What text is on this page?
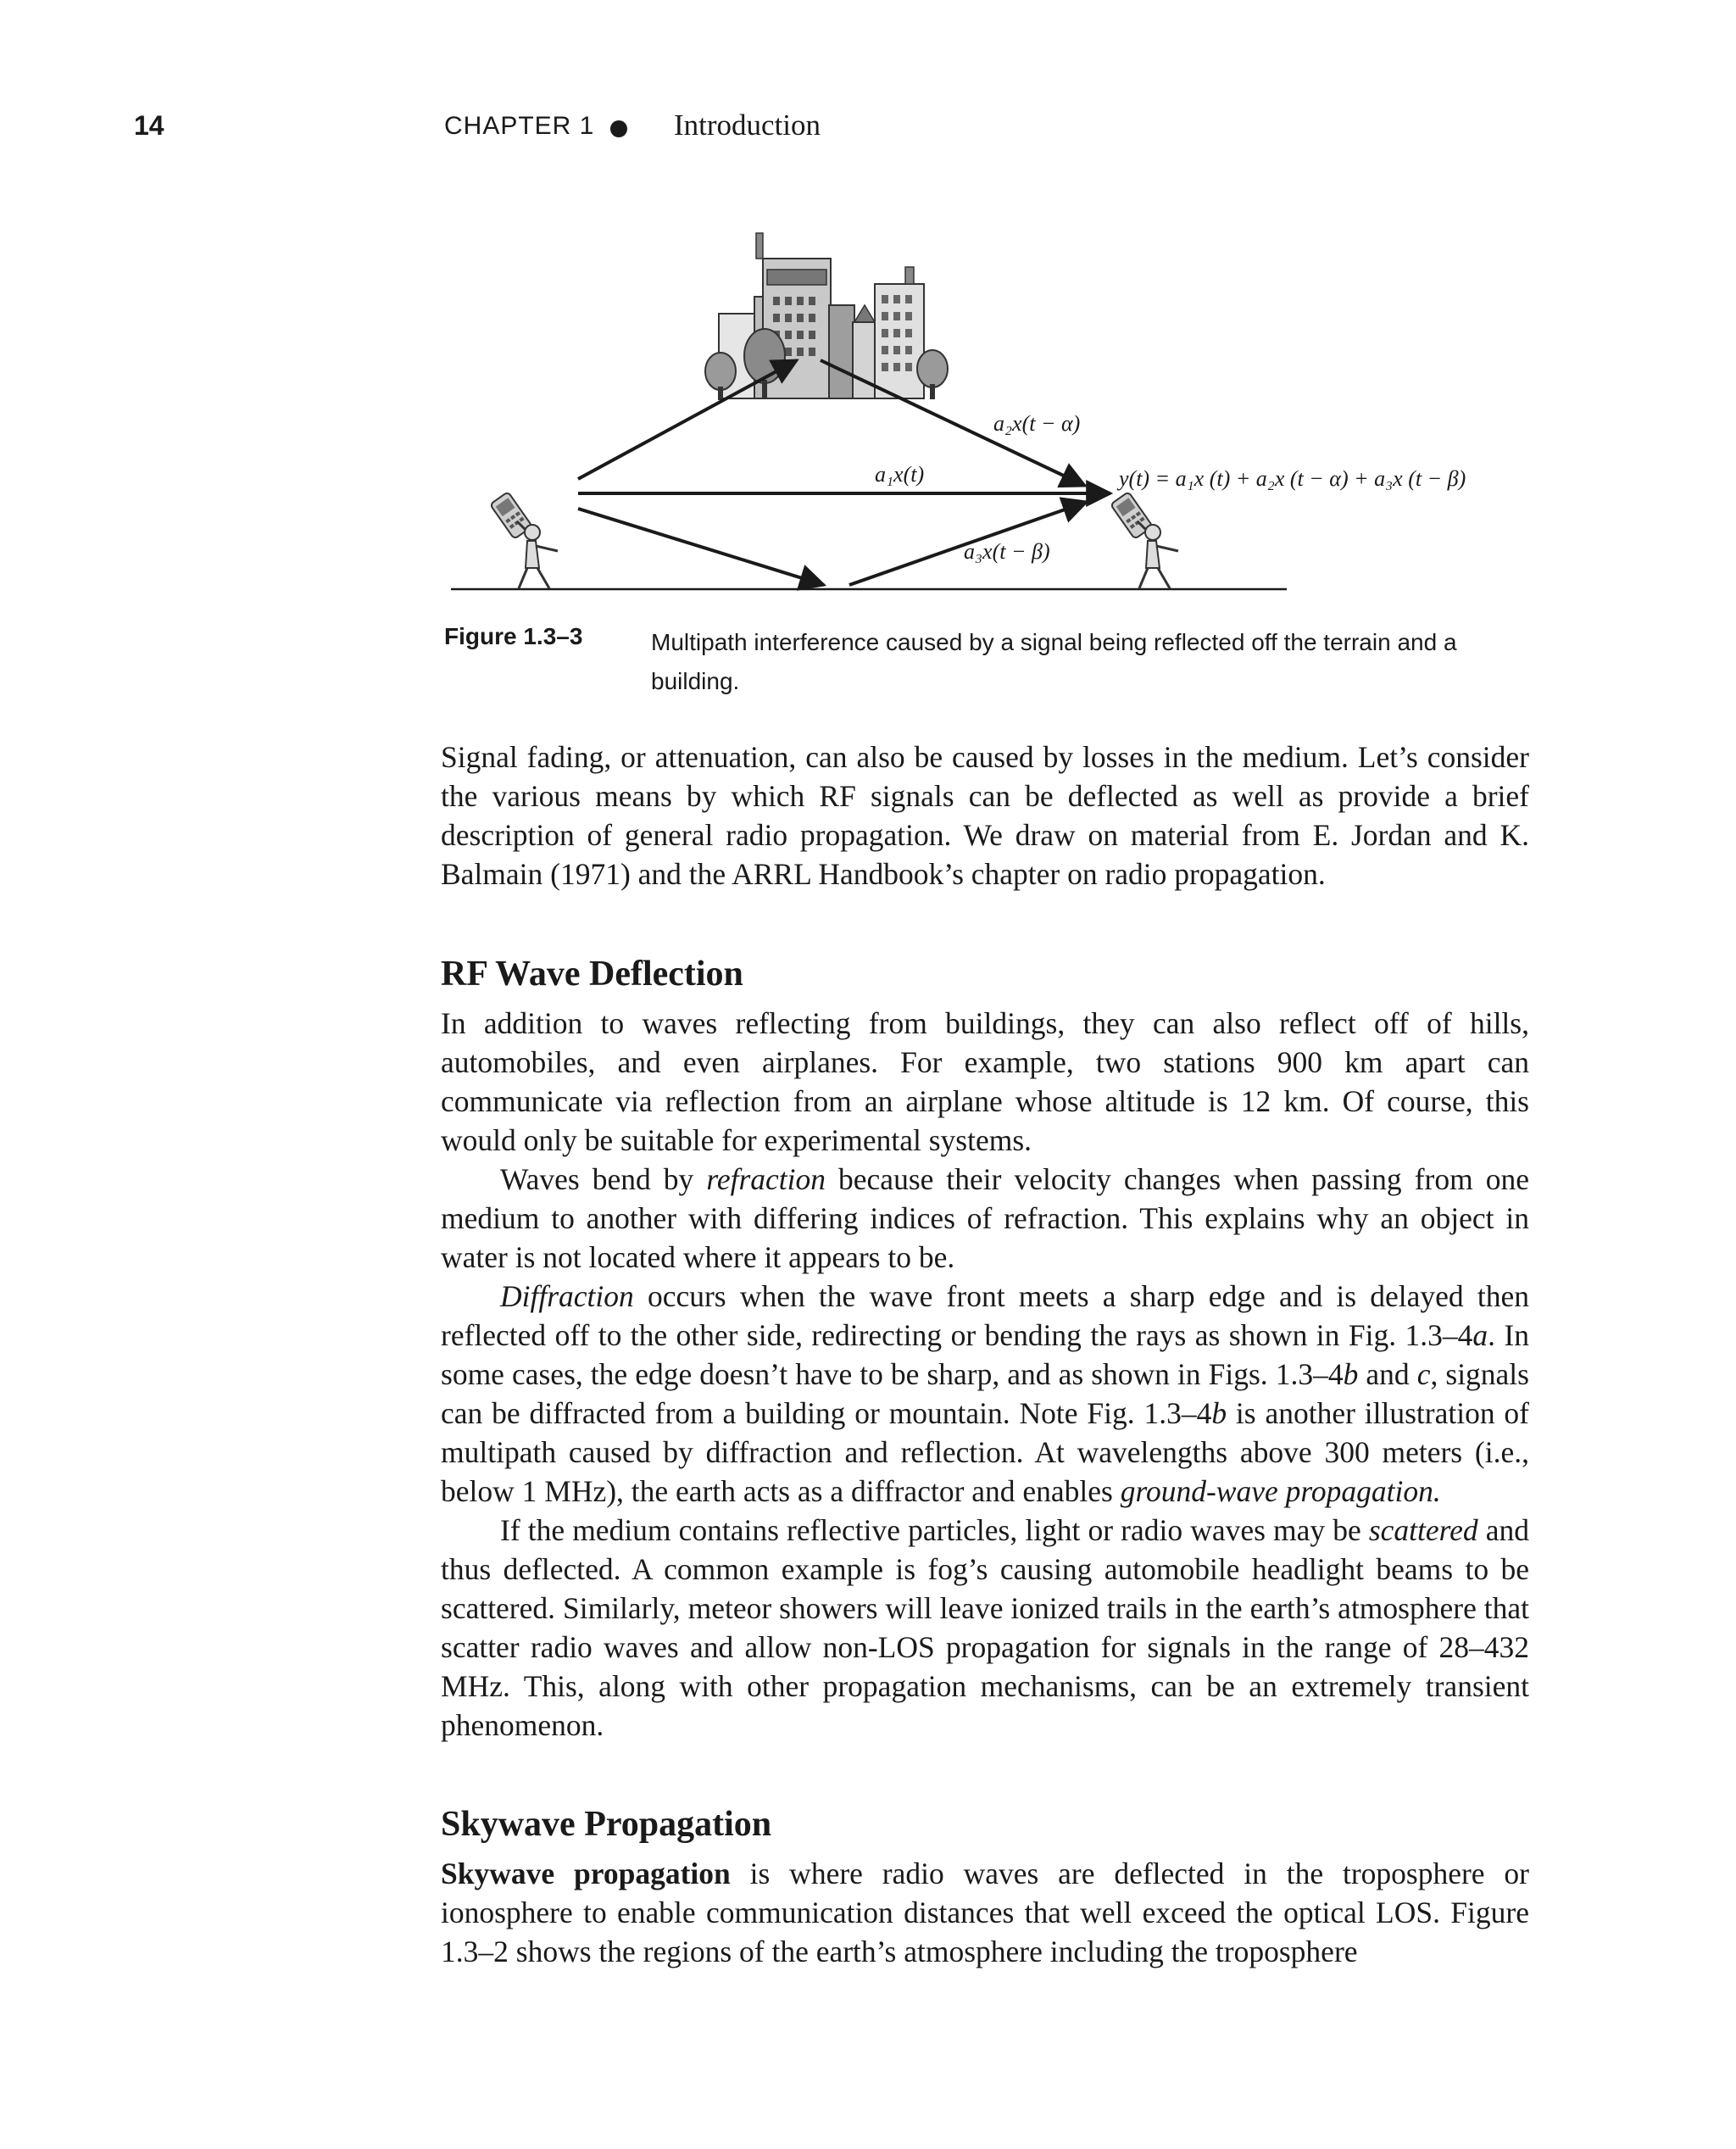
14	CHAPTER 1	Introduction
a₁x(t)
a₂x(t − α)
a₃x(t − β)
y(t) = a₁x (t) + a₂x (t − α) + a₃x (t − β)
Figure 1.3–3	Multipath interference caused by a signal being reflected off the terrain and a building.

Signal fading, or attenuation, can also be caused by losses in the medium. Let’s consider the various means by which RF signals can be deflected as well as provide a brief description of general radio propagation. We draw on material from E. Jordan and K. Balmain (1971) and the ARRL Handbook’s chapter on radio propagation.

RF Wave Deflection

In addition to waves reflecting from buildings, they can also reflect off of hills, automobiles, and even airplanes. For example, two stations 900 km apart can communicate via reflection from an airplane whose altitude is 12 km. Of course, this would only be suitable for experimental systems.

Waves bend by refraction because their velocity changes when passing from one medium to another with differing indices of refraction. This explains why an object in water is not located where it appears to be.

Diffraction occurs when the wave front meets a sharp edge and is delayed then reflected off to the other side, redirecting or bending the rays as shown in Fig. 1.3–4a. In some cases, the edge doesn’t have to be sharp, and as shown in Figs. 1.3–4b and c, signals can be diffracted from a building or mountain. Note Fig. 1.3–4b is another illustration of multipath caused by diffraction and reflection. At wavelengths above 300 meters (i.e., below 1 MHz), the earth acts as a diffractor and enables ground-wave propagation.

If the medium contains reflective particles, light or radio waves may be scattered and thus deflected. A common example is fog’s causing automobile headlight beams to be scattered. Similarly, meteor showers will leave ionized trails in the earth’s atmosphere that scatter radio waves and allow non-LOS propagation for signals in the range of 28–432 MHz. This, along with other propagation mechanisms, can be an extremely transient phenomenon.

Skywave Propagation

Skywave propagation is where radio waves are deflected in the troposphere or ionosphere to enable communication distances that well exceed the optical LOS. Figure 1.3–2 shows the regions of the earth’s atmosphere including the troposphere
